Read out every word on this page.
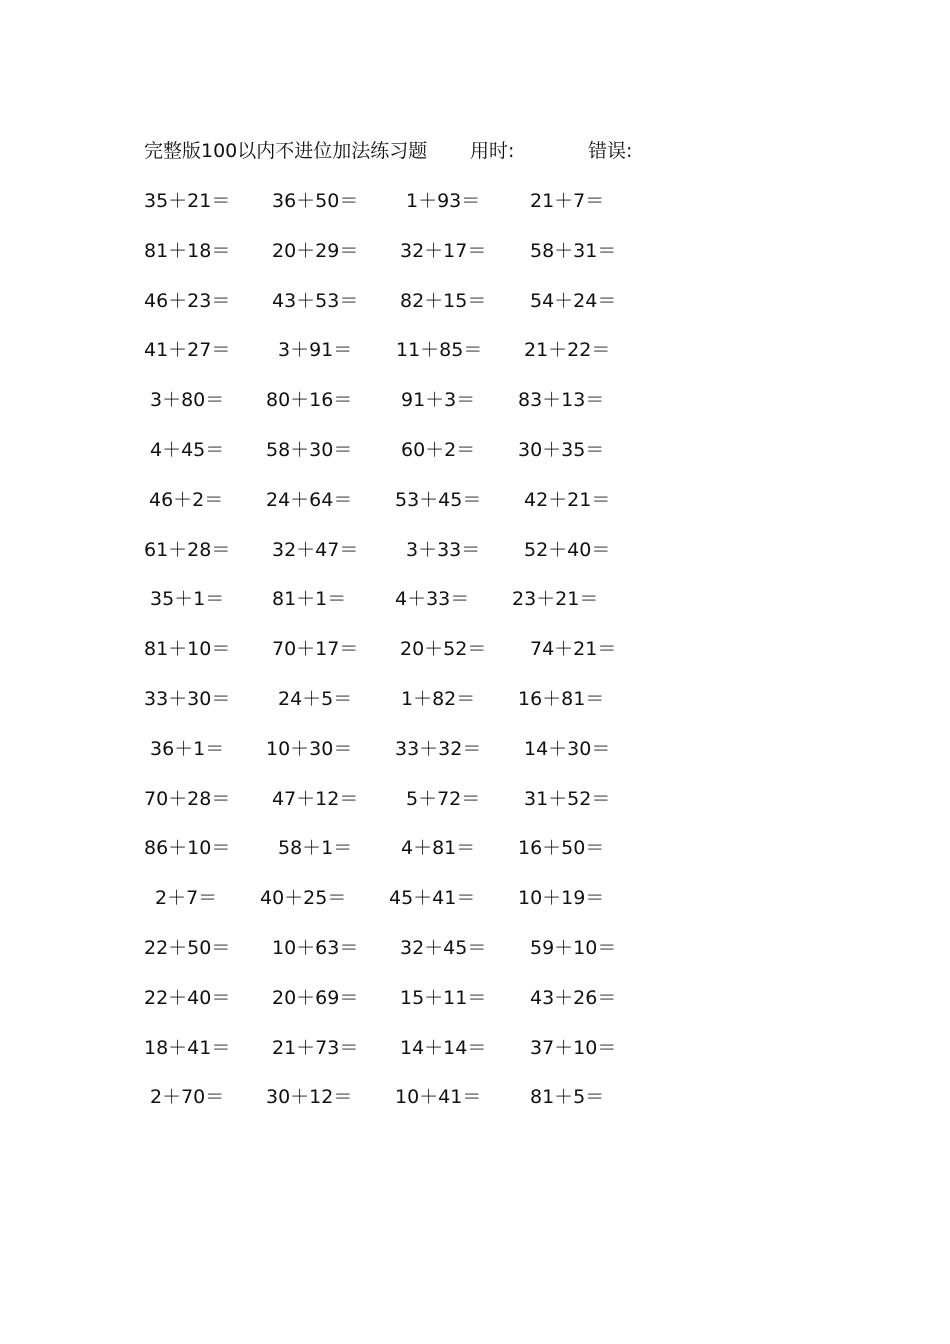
完整版100以内不进位加法练习题 用时:	错误:
35＋21＝ 36＋50＝	1＋93＝	21＋7＝
81＋18＝ 20＋29＝ 32＋17＝ 58＋31＝
46＋23＝ 43＋53＝ 82＋15＝ 54＋24＝
41＋27＝	3＋91＝ 11＋85＝ 21＋22＝
3＋80＝ 80＋16＝	91＋3＝ 83＋13＝
4＋45＝ 58＋30＝	60＋2＝ 30＋35＝
46＋2＝ 24＋64＝ 53＋45＝ 42＋21＝
61＋28＝ 32＋47＝	3＋33＝ 52＋40＝
35＋1＝	81＋1＝	4＋33＝ 23＋21＝
81＋10＝ 70＋17＝ 20＋52＝ 74＋21＝
33＋30＝	24＋5＝	1＋82＝ 16＋81＝
36＋1＝ 10＋30＝ 33＋32＝ 14＋30＝
70＋28＝ 47＋12＝	5＋72＝ 31＋52＝
86＋10＝	58＋1＝	4＋81＝ 16＋50＝
2＋7＝ 40＋25＝ 45＋41＝ 10＋19＝
22＋50＝ 10＋63＝ 32＋45＝ 59＋10＝
22＋40＝ 20＋69＝ 15＋11＝ 43＋26＝
18＋41＝ 21＋73＝ 14＋14＝ 37＋10＝
2＋70＝ 30＋12＝ 10＋41＝	81＋5＝
